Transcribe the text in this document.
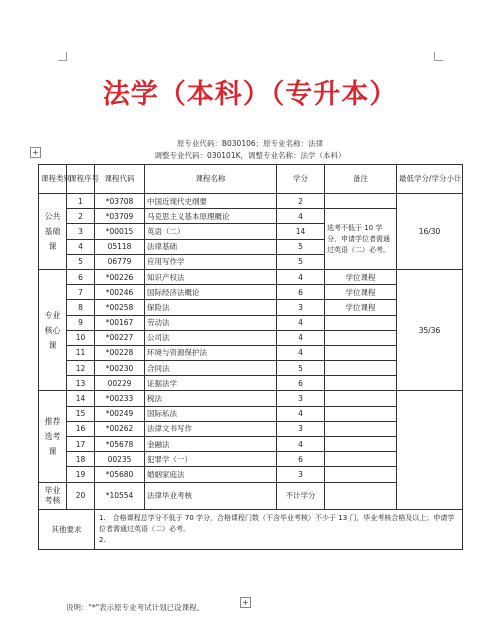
法学（本科）（专升本）
原专业代码：B030106；原专业名称：法律
调整专业代码：030101K，调整专业名称：法学（本科）
+
课程类别	课程序号	课程代码	课程名称	学分	备注	最低学分/学分小计
公共基础课	1	*03708	中国近现代史纲要	2		16/30
	2	*03709	马克思主义基本原理概论	4	选考不低于 10 学分，申请学位者需通过英语（二）必考。	
	3	*00015	英语（二）	14		
	4	05118	法律基础	5		
	5	06779	应用写作学	5		
专业核心课	6	*00226	知识产权法	4	学位课程	35/36
	7	*00246	国际经济法概论	6	学位课程	
	8	*00258	保险法	3	学位课程	
	9	*00167	劳动法	4		
	10	*00227	公司法	4		
	11	*00228	环境与资源保护法	4		
	12	*00230	合同法	5		
	13	00229	证据法学	6		
推荐选考课	14	*00233	税法	3		
	15	*00249	国际私法	4		
	16	*00262	法律文书写作	3		
	17	*05678	金融法	4		
	18	00235	犯罪学（一）	6		
	19	*05680	婚姻家庭法	3		
毕业考核	20	*10554	法律毕业考核	不计学分		
其他要求		1.　合格课程总学分不低于 70 学分，合格课程门数（不含毕业考核）不少于 13 门，毕业考核合格及以上；申请学位者需通过英语（二）必考。
2.				
+
说明："*"表示原专业考试计划已设课程。
